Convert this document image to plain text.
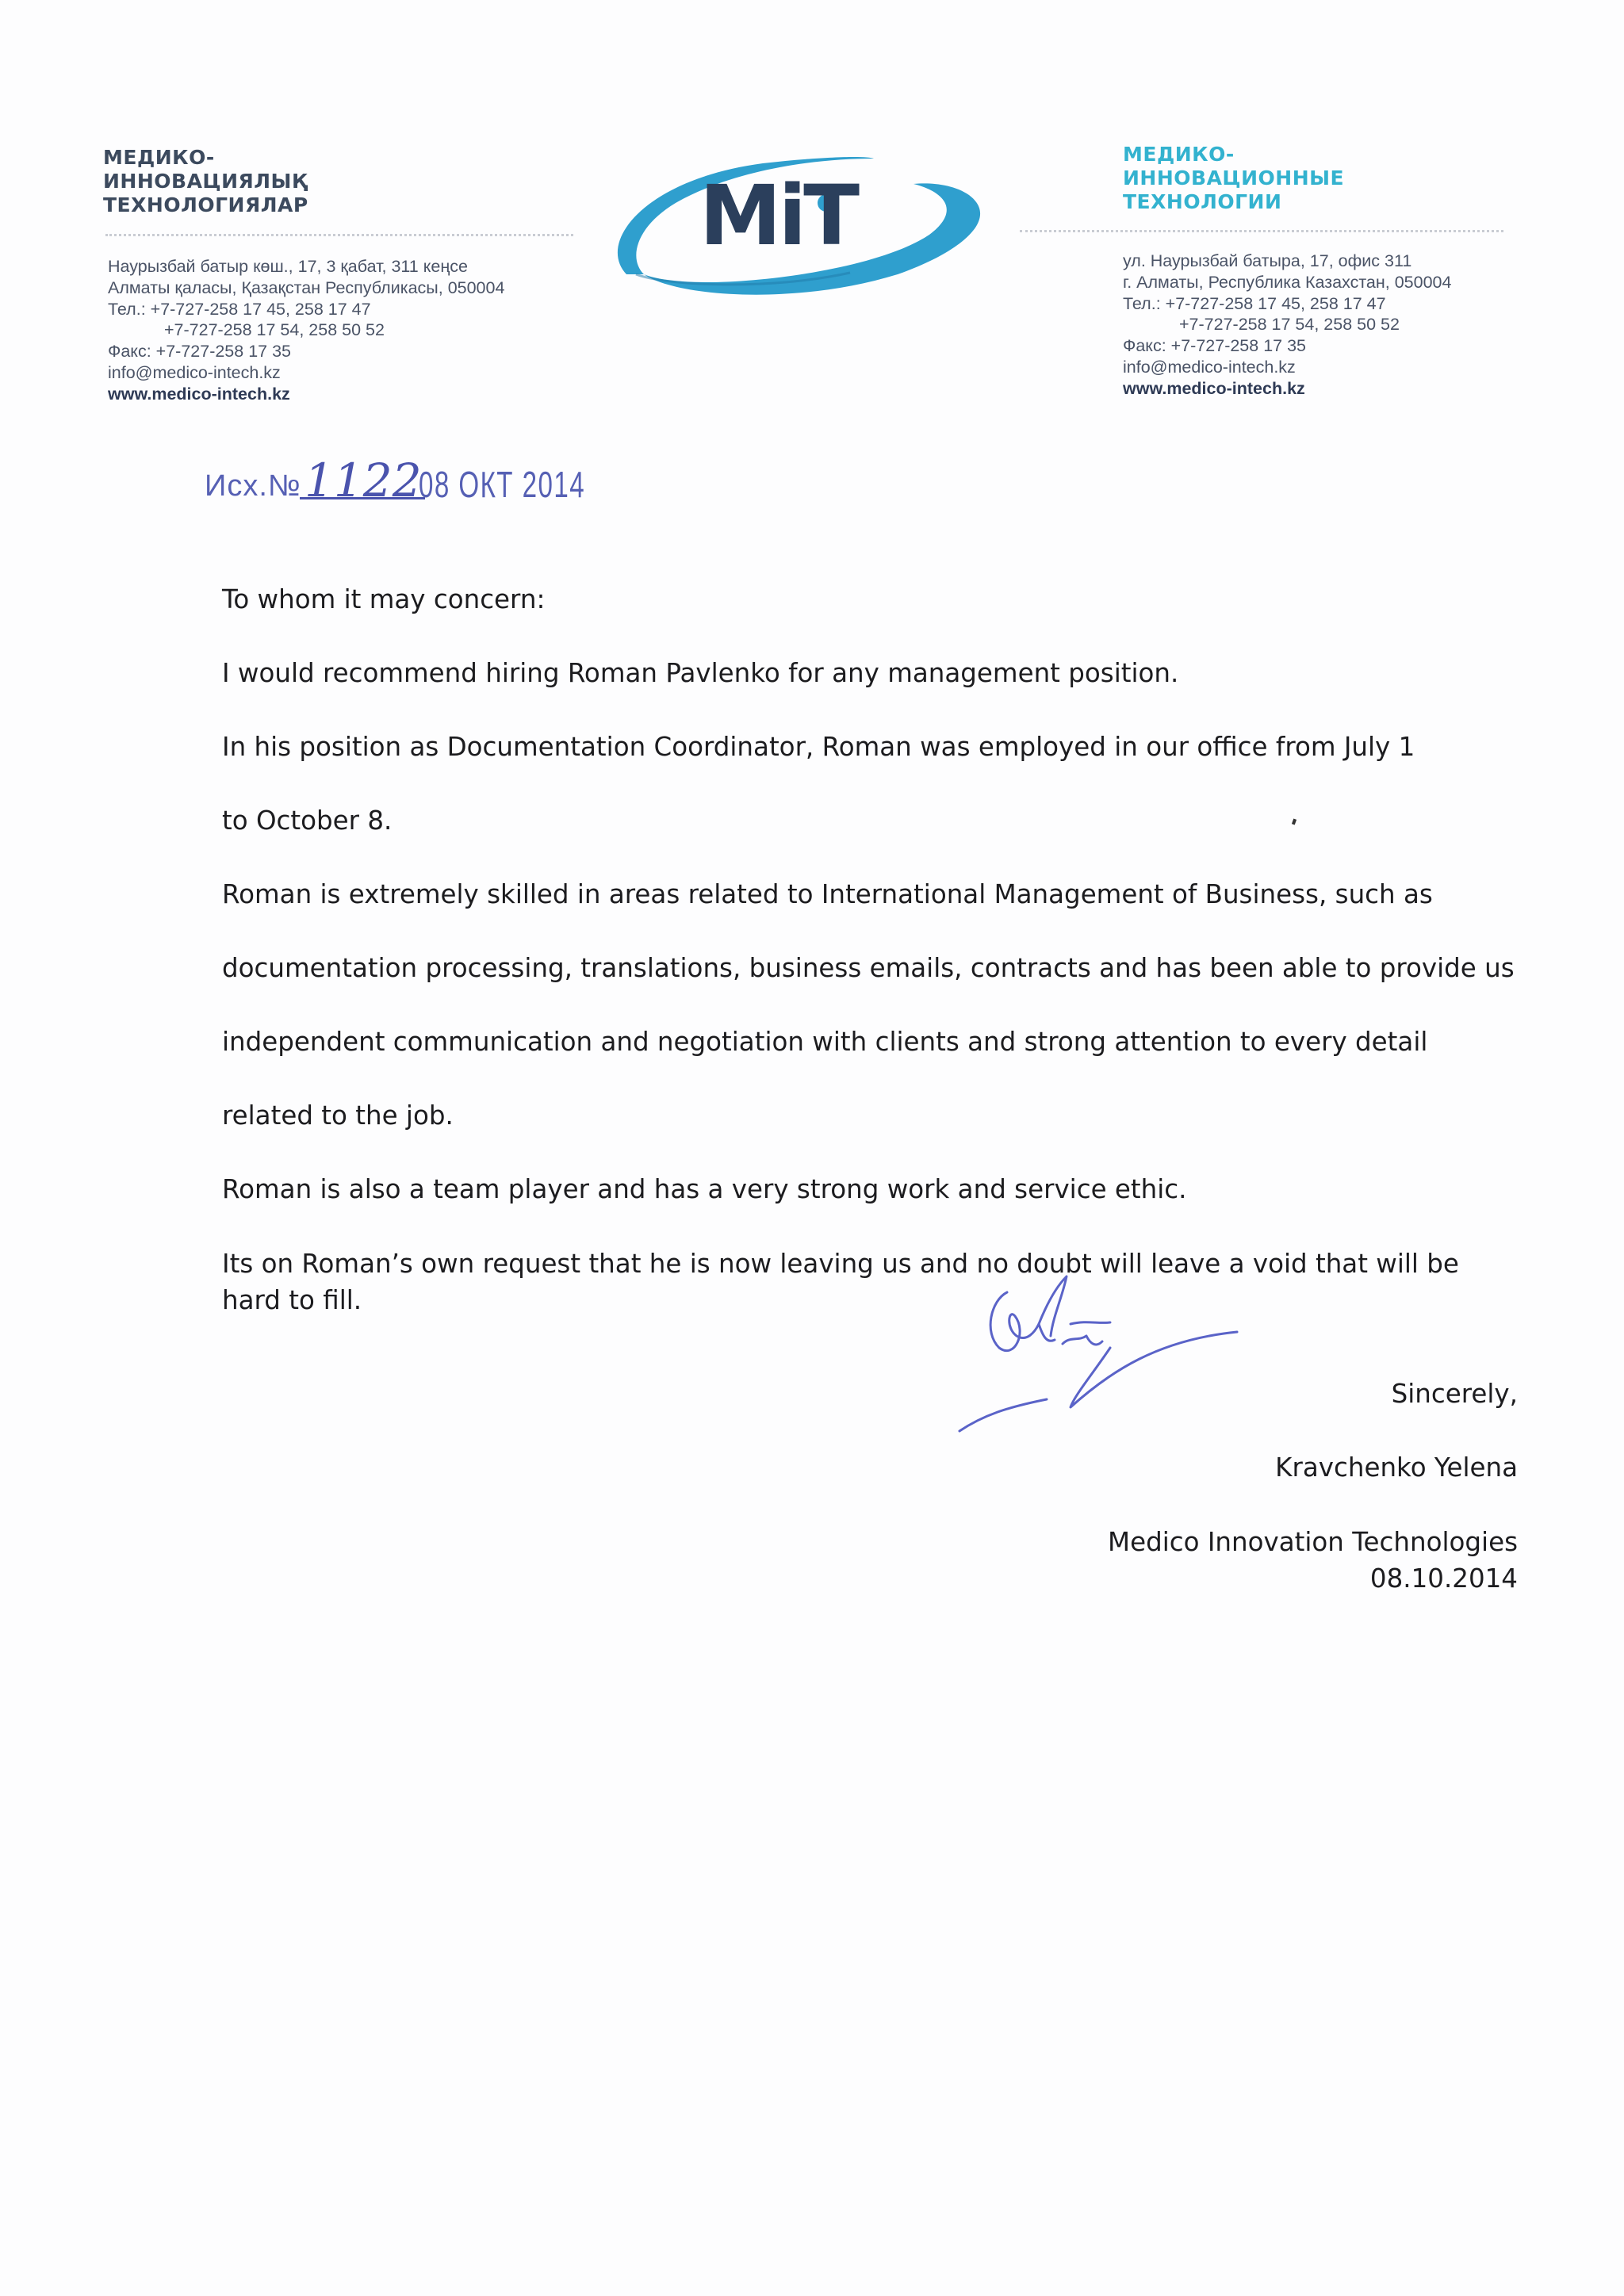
МЕДИКО-
ИННОВАЦИЯЛЫҚ
ТЕХНОЛОГИЯЛАР
Наурызбай батыр көш., 17, 3 қабат, 311 кеңсе
Алматы қаласы, Қазақстан Республикасы, 050004
Тел.: +7-727-258 17 45, 258 17 47
+7-727-258 17 54, 258 50 52
Факс: +7-727-258 17 35
info@medico-intech.kz
www.medico-intech.kz
MiT
МЕДИКО-
ИННОВАЦИОННЫЕ
ТЕХНОЛОГИИ
ул. Наурызбай батыра, 17, офис 311
г. Алматы, Республика Казахстан, 050004
Тел.: +7-727-258 17 45, 258 17 47
+7-727-258 17 54, 258 50 52
Факс: +7-727-258 17 35
info@medico-intech.kz
www.medico-intech.kz
Исх.№ 1122
08 ОКТ 2014

To whom it may concern:

I would recommend hiring Roman Pavlenko for any management position.

In his position as Documentation Coordinator, Roman was employed in our office from July 1

to October 8.

Roman is extremely skilled in areas related to International Management of Business, such as

documentation processing, translations, business emails, contracts and has been able to provide us

independent communication and negotiation with clients and strong attention to every detail

related to the job.

Roman is also a team player and has a very strong work and service ethic.

Its on Roman’s own request that he is now leaving us and no doubt will leave a void that will be hard to fill.

Sincerely,
Kravchenko Yelena
Medico Innovation Technologies
08.10.2014
